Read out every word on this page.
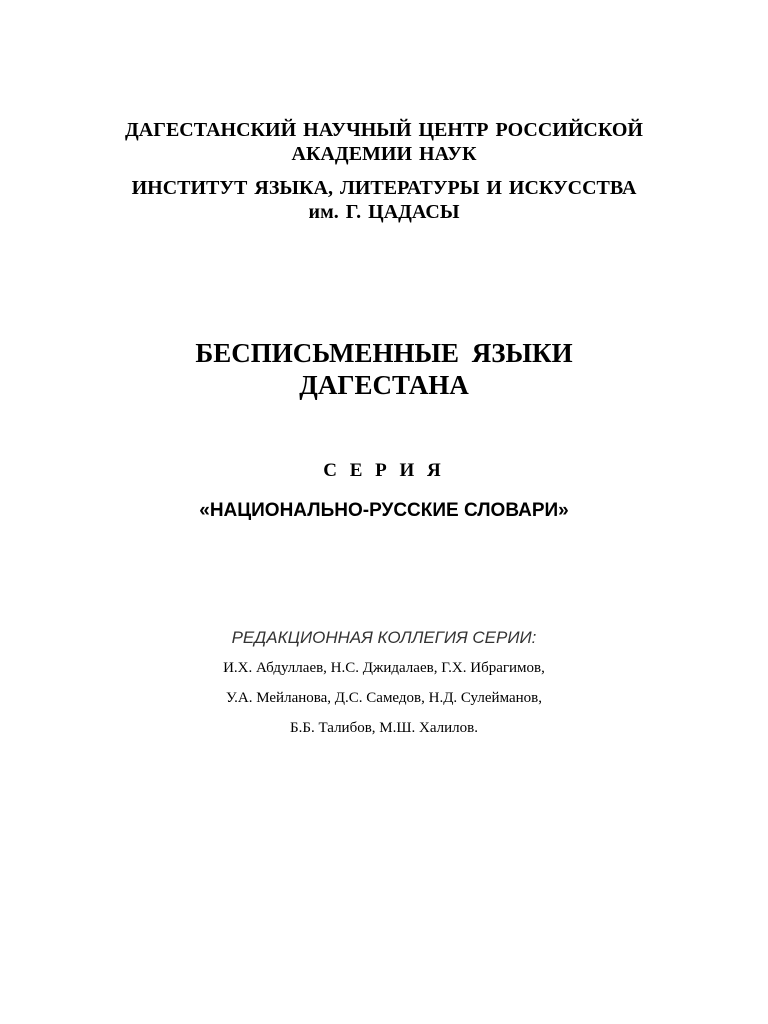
ДАГЕСТАНСКИЙ НАУЧНЫЙ ЦЕНТР РОССИЙСКОЙ

АКАДЕМИИ НАУК

ИНСТИТУТ ЯЗЫКА, ЛИТЕРАТУРЫ И ИСКУССТВА

им. Г. ЦАДАСЫ

БЕСПИСЬМЕННЫЕ ЯЗЫКИ

ДАГЕСТАНА

С Е Р И Я

«НАЦИОНАЛЬНО-РУССКИЕ СЛОВАРИ»

РЕДАКЦИОННАЯ КОЛЛЕГИЯ СЕРИИ:

И.Х. Абдуллаев, Н.С. Джидалаев, Г.Х. Ибрагимов,

У.А. Мейланова, Д.С. Самедов, Н.Д. Сулейманов,

Б.Б. Талибов, М.Ш. Халилов.
